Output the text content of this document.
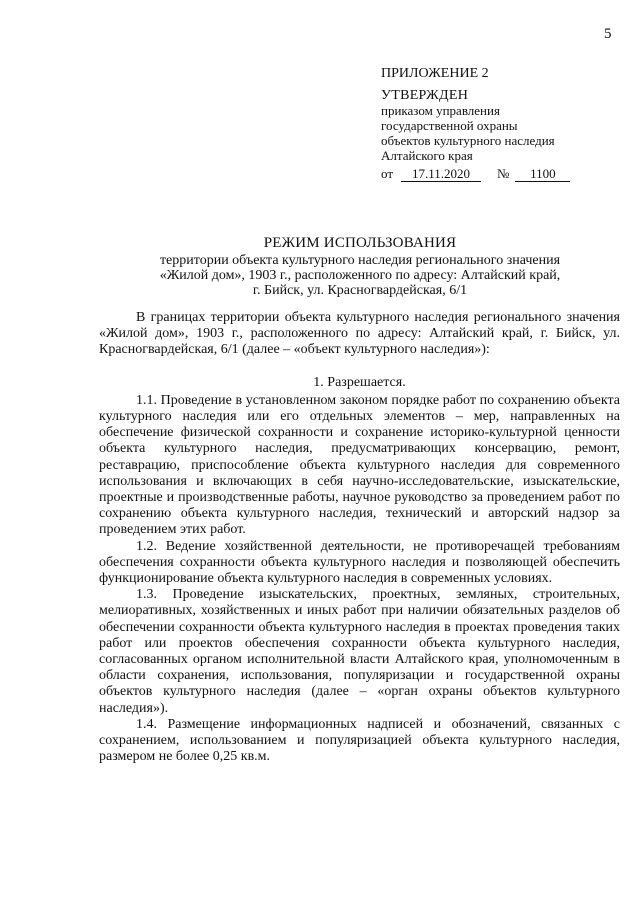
5
ПРИЛОЖЕНИЕ 2
УТВЕРЖДЕН
приказом управления
государственной охраны
объектов культурного наследия
Алтайского края
от 17.11.2020 № 1100
РЕЖИМ ИСПОЛЬЗОВАНИЯ
территории объекта культурного наследия регионального значения
«Жилой дом», 1903 г., расположенного по адресу: Алтайский край,
г. Бийск, ул. Красногвардейская, 6/1

В границах территории объекта культурного наследия регионального значения «Жилой дом», 1903 г., расположенного по адресу: Алтайский край, г. Бийск, ул. Красногвардейская, 6/1 (далее – «объект культурного наследия»):

1. Разрешается.

1.1. Проведение в установленном законом порядке работ по сохранению объекта культурного наследия или его отдельных элементов – мер, направленных на обеспечение физической сохранности и сохранение историко-культурной ценности объекта культурного наследия, предусматривающих консервацию, ремонт, реставрацию, приспособление объекта культурного наследия для современного использования и включающих в себя научно-исследовательские, изыскательские, проектные и производственные работы, научное руководство за проведением работ по сохранению объекта культурного наследия, технический и авторский надзор за проведением этих работ.

1.2. Ведение хозяйственной деятельности, не противоречащей требованиям обеспечения сохранности объекта культурного наследия и позволяющей обеспечить функционирование объекта культурного наследия в современных условиях.

1.3. Проведение изыскательских, проектных, земляных, строительных, мелиоративных, хозяйственных и иных работ при наличии обязательных разделов об обеспечении сохранности объекта культурного наследия в проектах проведения таких работ или проектов обеспечения сохранности объекта культурного наследия, согласованных органом исполнительной власти Алтайского края, уполномоченным в области сохранения, использования, популяризации и государственной охраны объектов культурного наследия (далее – «орган охраны объектов культурного наследия»).

1.4. Размещение информационных надписей и обозначений, связанных с сохранением, использованием и популяризацией объекта культурного наследия, размером не более 0,25 кв.м.
